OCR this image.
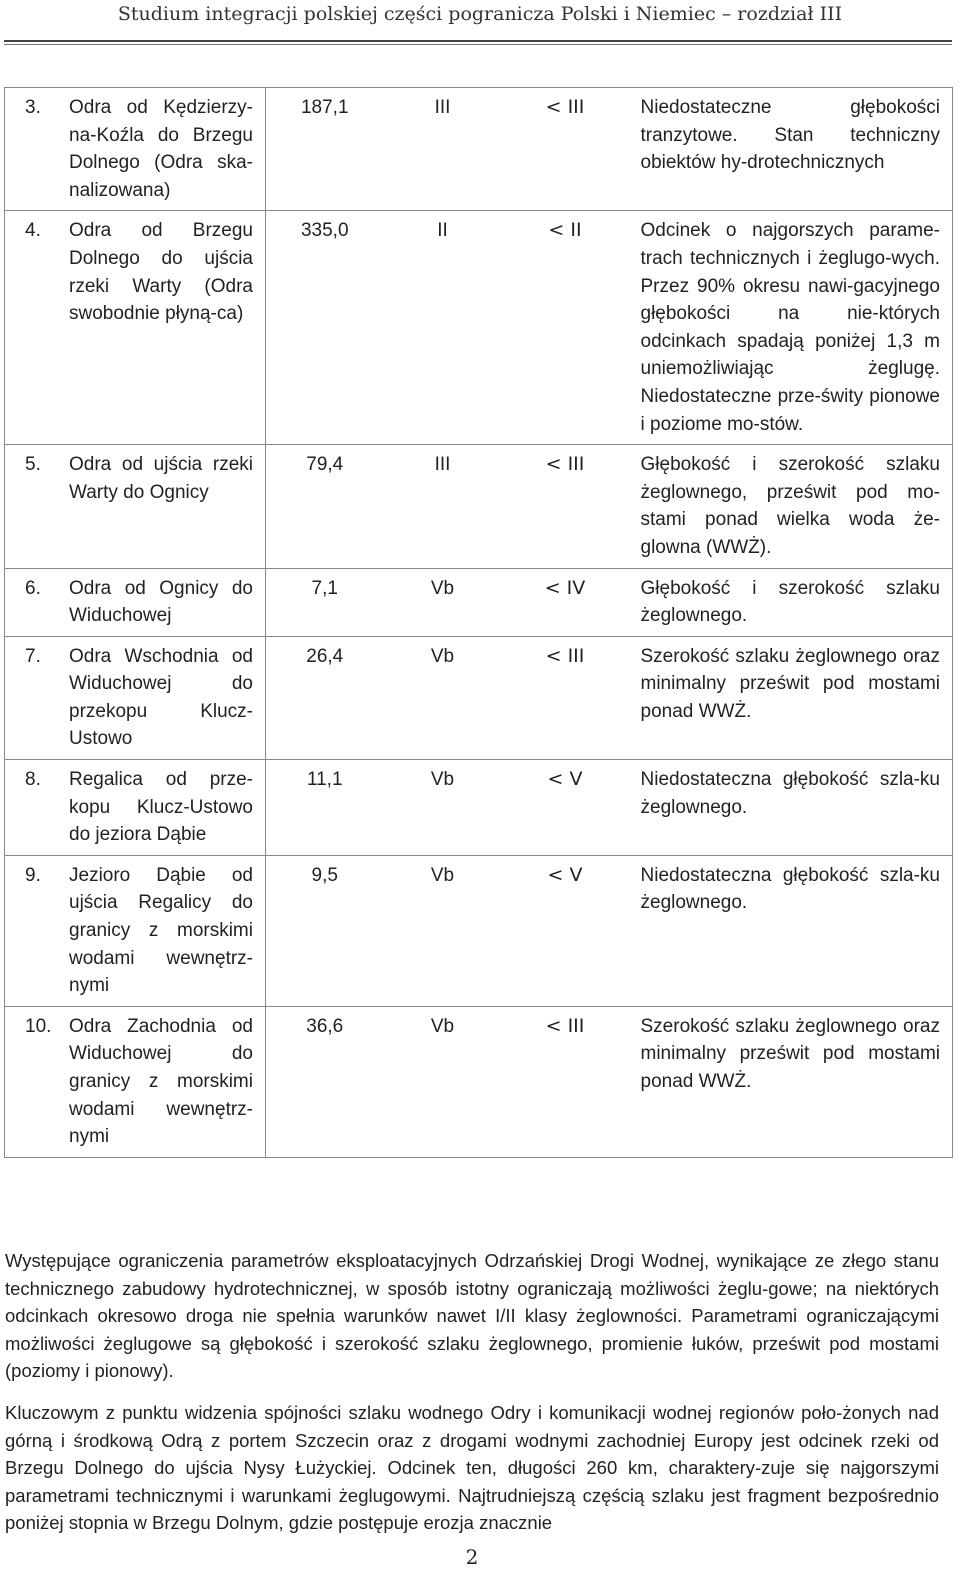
Studium integracji polskiej części pogranicza Polski i Niemiec – rozdział III
3. Odra od Kędzierzy-na-Koźla do Brzegu Dolnego (Odra ska-nalizowana)	187,1	III	< III	Niedostateczne głębokości tranzytowe. Stan techniczny obiektów hy-drotechnicznych
4. Odra od Brzegu Dolnego do ujścia rzeki Warty (Odra swobodnie płyną-ca)	335,0	II	< II	Odcinek o najgorszych parame-trach technicznych i żeglugo-wych. Przez 90% okresu nawi-gacyjnego głębokości na nie-których odcinkach spadają poniżej 1,3 m uniemożliwiając żeglugę. Niedostateczne prze-świty pionowe i poziome mo-stów.
5. Odra od ujścia rzeki Warty do Ognicy	79,4	III	< III	Głębokość i szerokość szlaku żeglownego, prześwit pod mo-stami ponad wielka woda że-glowna (WWŻ).
6. Odra od Ognicy do Widuchowej	7,1	Vb	< IV	Głębokość i szerokość szlaku żeglownego.
7. Odra Wschodnia od Widuchowej do przekopu Klucz-Ustowo	26,4	Vb	< III	Szerokość szlaku żeglownego oraz minimalny prześwit pod mostami ponad WWŻ.
8. Regalica od prze-kopu Klucz-Ustowo do jeziora Dąbie	11,1	Vb	< V	Niedostateczna głębokość szla-ku żeglownego.
9. Jezioro Dąbie od ujścia Regalicy do granicy z morskimi wodami wewnętrz-nymi	9,5	Vb	< V	Niedostateczna głębokość szla-ku żeglownego.
10. Odra Zachodnia od Widuchowej do granicy z morskimi wodami wewnętrz-nymi	36,6	Vb	< III	Szerokość szlaku żeglownego oraz minimalny prześwit pod mostami ponad WWŻ.

Występujące ograniczenia parametrów eksploatacyjnych Odrzańskiej Drogi Wodnej, wynikające ze złego stanu technicznego zabudowy hydrotechnicznej, w sposób istotny ograniczają możliwości żeglu-gowe; na niektórych odcinkach okresowo droga nie spełnia warunków nawet I/II klasy żeglowności. Parametrami ograniczającymi możliwości żeglugowe są głębokość i szerokość szlaku żeglownego, promienie łuków, prześwit pod mostami (poziomy i pionowy).

Kluczowym z punktu widzenia spójności szlaku wodnego Odry i komunikacji wodnej regionów poło-żonych nad górną i środkową Odrą z portem Szczecin oraz z drogami wodnymi zachodniej Europy jest odcinek rzeki od Brzegu Dolnego do ujścia Nysy Łużyckiej. Odcinek ten, długości 260 km, charaktery-zuje się najgorszymi parametrami technicznymi i warunkami żeglugowymi. Najtrudniejszą częścią szlaku jest fragment bezpośrednio poniżej stopnia w Brzegu Dolnym, gdzie postępuje erozja znacznie

2
